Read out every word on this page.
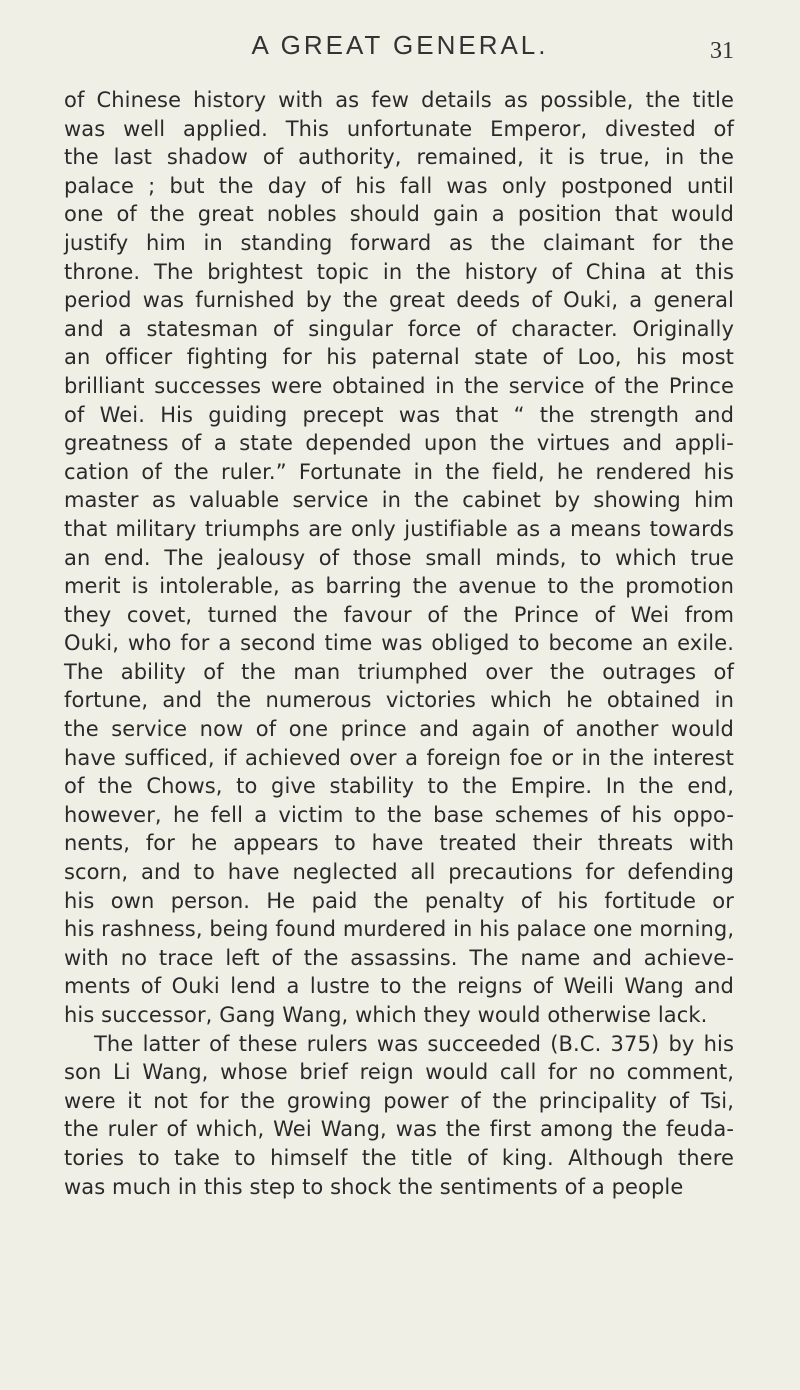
A GREAT GENERAL.	31
of Chinese history with as few details as possible, the title
was well applied. This unfortunate Emperor, divested of
the last shadow of authority, remained, it is true, in the
palace ; but the day of his fall was only postponed until
one of the great nobles should gain a position that would
justify him in standing forward as the claimant for the
throne. The brightest topic in the history of China at this
period was furnished by the great deeds of Ouki, a general
and a statesman of singular force of character. Originally
an officer fighting for his paternal state of Loo, his most
brilliant successes were obtained in the service of the Prince
of Wei. His guiding precept was that “ the strength and
greatness of a state depended upon the virtues and appli-
cation of the ruler.” Fortunate in the field, he rendered his
master as valuable service in the cabinet by showing him
that military triumphs are only justifiable as a means towards
an end. The jealousy of those small minds, to which true
merit is intolerable, as barring the avenue to the promotion
they covet, turned the favour of the Prince of Wei from
Ouki, who for a second time was obliged to become an exile.
The ability of the man triumphed over the outrages of
fortune, and the numerous victories which he obtained in
the service now of one prince and again of another would
have sufficed, if achieved over a foreign foe or in the interest
of the Chows, to give stability to the Empire. In the end,
however, he fell a victim to the base schemes of his oppo-
nents, for he appears to have treated their threats with
scorn, and to have neglected all precautions for defending
his own person. He paid the penalty of his fortitude or
his rashness, being found murdered in his palace one morning,
with no trace left of the assassins. The name and achieve-
ments of Ouki lend a lustre to the reigns of Weili Wang and
his successor, Gang Wang, which they would otherwise lack.
The latter of these rulers was succeeded (B.C. 375) by his
son Li Wang, whose brief reign would call for no comment,
were it not for the growing power of the principality of Tsi,
the ruler of which, Wei Wang, was the first among the feuda-
tories to take to himself the title of king. Although there
was much in this step to shock the sentiments of a people
